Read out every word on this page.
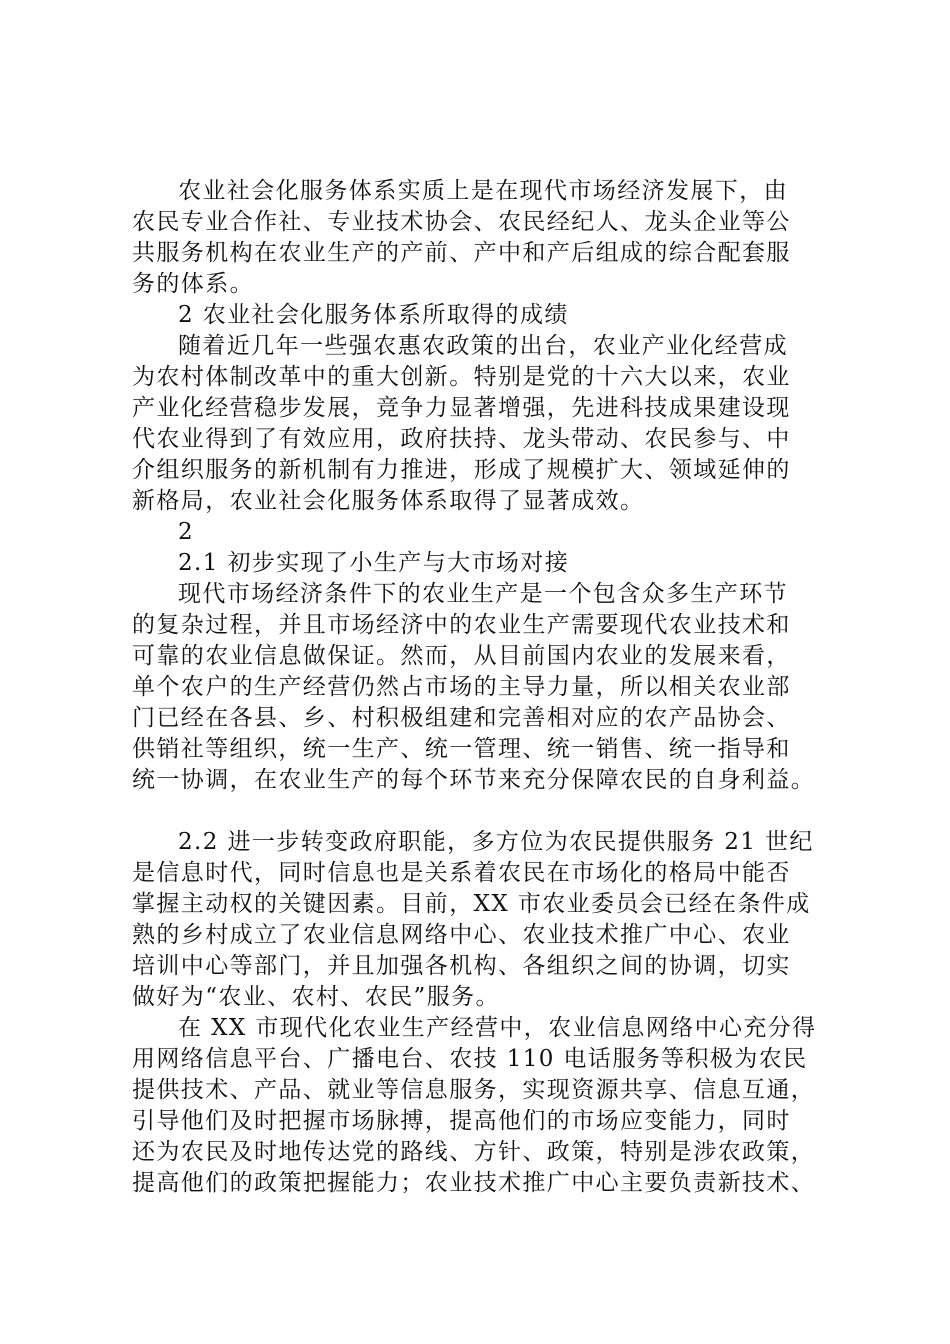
农业社会化服务体系实质上是在现代市场经济发展下，由
农民专业合作社、专业技术协会、农民经纪人、龙头企业等公
共服务机构在农业生产的产前、产中和产后组成的综合配套服
务的体系。
2 农业社会化服务体系所取得的成绩
随着近几年一些强农惠农政策的出台，农业产业化经营成
为农村体制改革中的重大创新。特别是党的十六大以来，农业
产业化经营稳步发展，竞争力显著增强，先进科技成果建设现
代农业得到了有效应用，政府扶持、龙头带动、农民参与、中
介组织服务的新机制有力推进，形成了规模扩大、领域延伸的
新格局，农业社会化服务体系取得了显著成效。
2
2.1 初步实现了小生产与大市场对接
现代市场经济条件下的农业生产是一个包含众多生产环节
的复杂过程，并且市场经济中的农业生产需要现代农业技术和
可靠的农业信息做保证。然而，从目前国内农业的发展来看，
单个农户的生产经营仍然占市场的主导力量，所以相关农业部
门已经在各县、乡、村积极组建和完善相对应的农产品协会、
供销社等组织，统一生产、统一管理、统一销售、统一指导和
统一协调，在农业生产的每个环节来充分保障农民的自身利益。
2.2 进一步转变政府职能，多方位为农民提供服务 21 世纪
是信息时代，同时信息也是关系着农民在市场化的格局中能否
掌握主动权的关键因素。目前，XX 市农业委员会已经在条件成
熟的乡村成立了农业信息网络中心、农业技术推广中心、农业
培训中心等部门，并且加强各机构、各组织之间的协调，切实
做好为“农业、农村、农民”服务。
在 XX 市现代化农业生产经营中，农业信息网络中心充分得
用网络信息平台、广播电台、农技 110 电话服务等积极为农民
提供技术、产品、就业等信息服务，实现资源共享、信息互通，
引导他们及时把握市场脉搏，提高他们的市场应变能力，同时
还为农民及时地传达党的路线、方针、政策，特别是涉农政策，
提高他们的政策把握能力；农业技术推广中心主要负责新技术、
